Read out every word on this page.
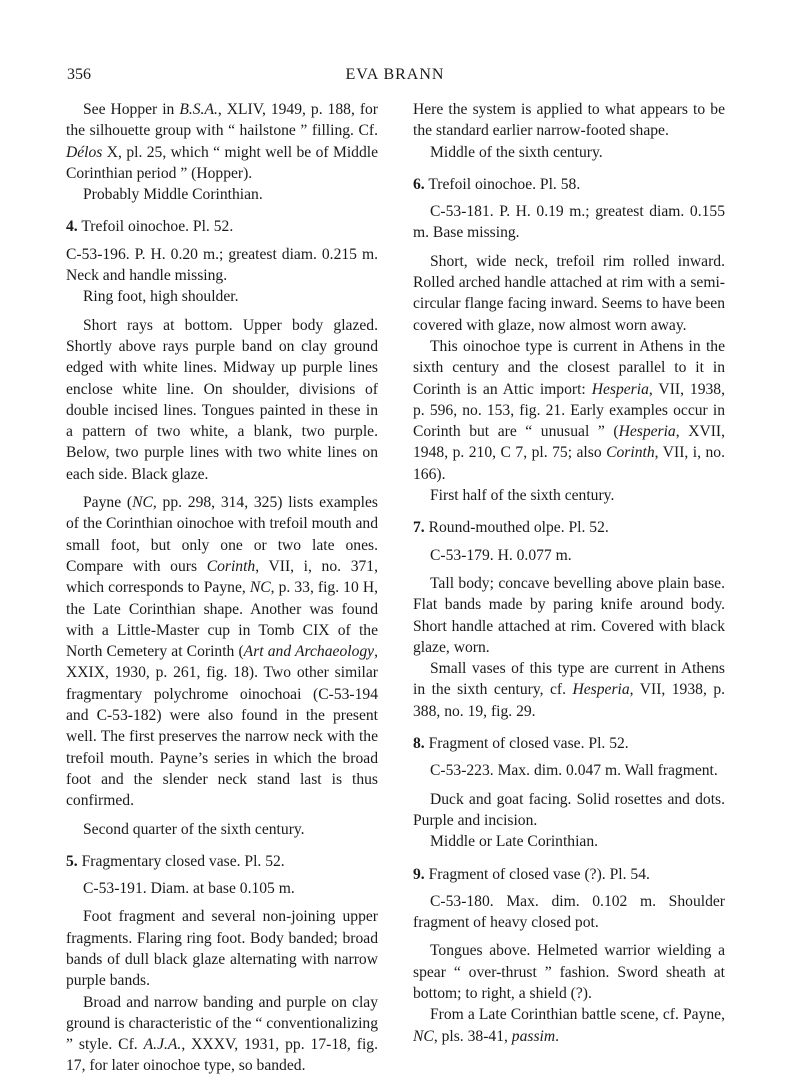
356	EVA BRANN

See Hopper in B.S.A., XLIV, 1949, p. 188, for the silhouette group with “ hailstone ” filling. Cf. Délos X, pl. 25, which “ might well be of Middle Corinthian period ” (Hopper).

Probably Middle Corinthian.

4. Trefoil oinochoe. Pl. 52.

C-53-196. P. H. 0.20 m.; greatest diam. 0.215 m. Neck and handle missing.

Ring foot, high shoulder.

Short rays at bottom. Upper body glazed. Shortly above rays purple band on clay ground edged with white lines. Midway up purple lines enclose white line. On shoulder, divisions of double incised lines. Tongues painted in these in a pattern of two white, a blank, two purple. Below, two purple lines with two white lines on each side. Black glaze.

Payne (NC, pp. 298, 314, 325) lists examples of the Corinthian oinochoe with trefoil mouth and small foot, but only one or two late ones. Compare with ours Corinth, VII, i, no. 371, which corresponds to Payne, NC, p. 33, fig. 10 H, the Late Corinthian shape. Another was found with a Little-Master cup in Tomb CIX of the North Cemetery at Corinth (Art and Archaeology, XXIX, 1930, p. 261, fig. 18). Two other similar fragmentary polychrome oinochoai (C-53-194 and C-53-182) were also found in the present well. The first preserves the narrow neck with the trefoil mouth. Payne’s series in which the broad foot and the slender neck stand last is thus confirmed.

Second quarter of the sixth century.

5. Fragmentary closed vase. Pl. 52.

C-53-191. Diam. at base 0.105 m.

Foot fragment and several non-joining upper fragments. Flaring ring foot. Body banded; broad bands of dull black glaze alternating with narrow purple bands.

Broad and narrow banding and purple on clay ground is characteristic of the “ conventionalizing ” style. Cf. A.J.A., XXXV, 1931, pp. 17-18, fig. 17, for later oinochoe type, so banded.

Here the system is applied to what appears to be the standard earlier narrow-footed shape.

Middle of the sixth century.

6. Trefoil oinochoe. Pl. 58.

C-53-181. P. H. 0.19 m.; greatest diam. 0.155 m. Base missing.

Short, wide neck, trefoil rim rolled inward. Rolled arched handle attached at rim with a semi-circular flange facing inward. Seems to have been covered with glaze, now almost worn away.

This oinochoe type is current in Athens in the sixth century and the closest parallel to it in Corinth is an Attic import: Hesperia, VII, 1938, p. 596, no. 153, fig. 21. Early examples occur in Corinth but are “ unusual ” (Hesperia, XVII, 1948, p. 210, C 7, pl. 75; also Corinth, VII, i, no. 166).

First half of the sixth century.

7. Round-mouthed olpe. Pl. 52.

C-53-179. H. 0.077 m.

Tall body; concave bevelling above plain base. Flat bands made by paring knife around body. Short handle attached at rim. Covered with black glaze, worn.

Small vases of this type are current in Athens in the sixth century, cf. Hesperia, VII, 1938, p. 388, no. 19, fig. 29.

8. Fragment of closed vase. Pl. 52.

C-53-223. Max. dim. 0.047 m. Wall fragment.

Duck and goat facing. Solid rosettes and dots. Purple and incision.

Middle or Late Corinthian.

9. Fragment of closed vase (?). Pl. 54.

C-53-180. Max. dim. 0.102 m. Shoulder fragment of heavy closed pot.

Tongues above. Helmeted warrior wielding a spear “ over-thrust ” fashion. Sword sheath at bottom; to right, a shield (?).

From a Late Corinthian battle scene, cf. Payne, NC, pls. 38-41, passim.
